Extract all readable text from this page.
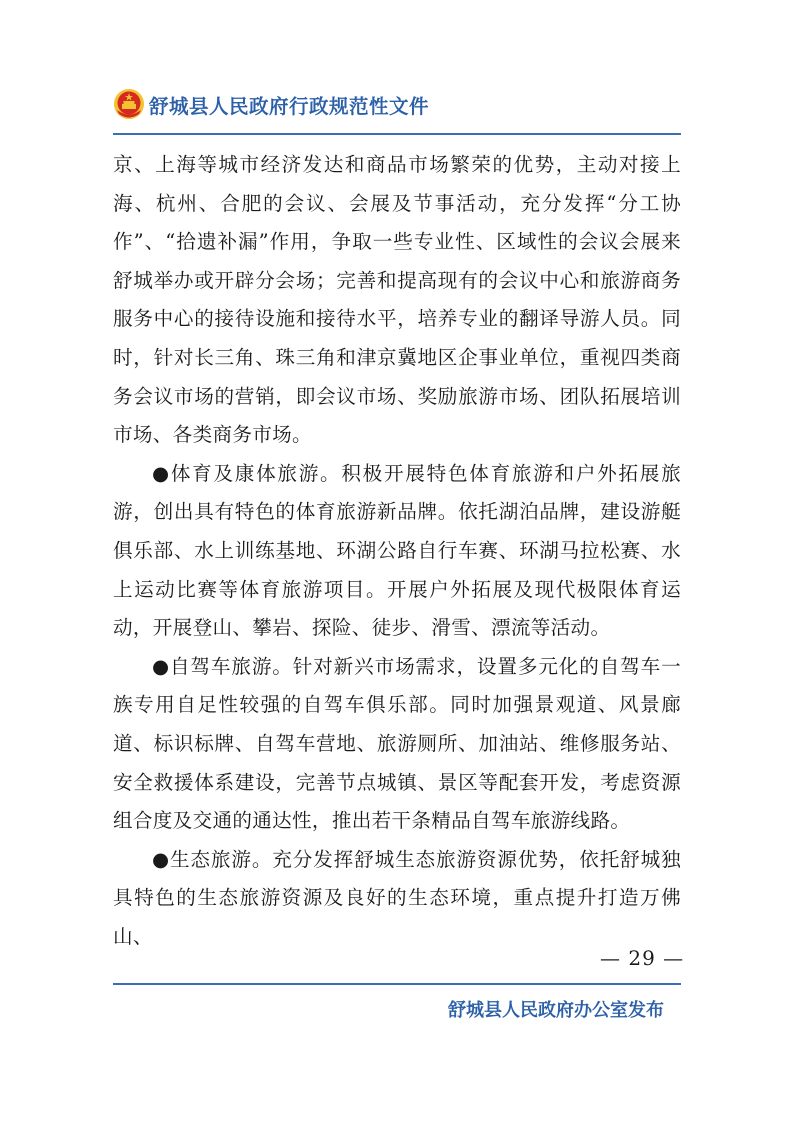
舒城县人民政府行政规范性文件

京、上海等城市经济发达和商品市场繁荣的优势，主动对接上海、杭州、合肥的会议、会展及节事活动，充分发挥“分工协作”、“拾遗补漏”作用，争取一些专业性、区域性的会议会展来舒城举办或开辟分会场；完善和提高现有的会议中心和旅游商务服务中心的接待设施和接待水平，培养专业的翻译导游人员。同时，针对长三角、珠三角和津京冀地区企事业单位，重视四类商务会议市场的营销，即会议市场、奖励旅游市场、团队拓展培训市场、各类商务市场。

●体育及康体旅游。积极开展特色体育旅游和户外拓展旅游，创出具有特色的体育旅游新品牌。依托湖泊品牌，建设游艇俱乐部、水上训练基地、环湖公路自行车赛、环湖马拉松赛、水上运动比赛等体育旅游项目。开展户外拓展及现代极限体育运动，开展登山、攀岩、探险、徒步、滑雪、漂流等活动。

●自驾车旅游。针对新兴市场需求，设置多元化的自驾车一族专用自足性较强的自驾车俱乐部。同时加强景观道、风景廊道、标识标牌、自驾车营地、旅游厕所、加油站、维修服务站、安全救援体系建设，完善节点城镇、景区等配套开发，考虑资源组合度及交通的通达性，推出若干条精品自驾车旅游线路。

●生态旅游。充分发挥舒城生态旅游资源优势，依托舒城独具特色的生态旅游资源及良好的生态环境，重点提升打造万佛山、

— 29 —
舒城县人民政府办公室发布
